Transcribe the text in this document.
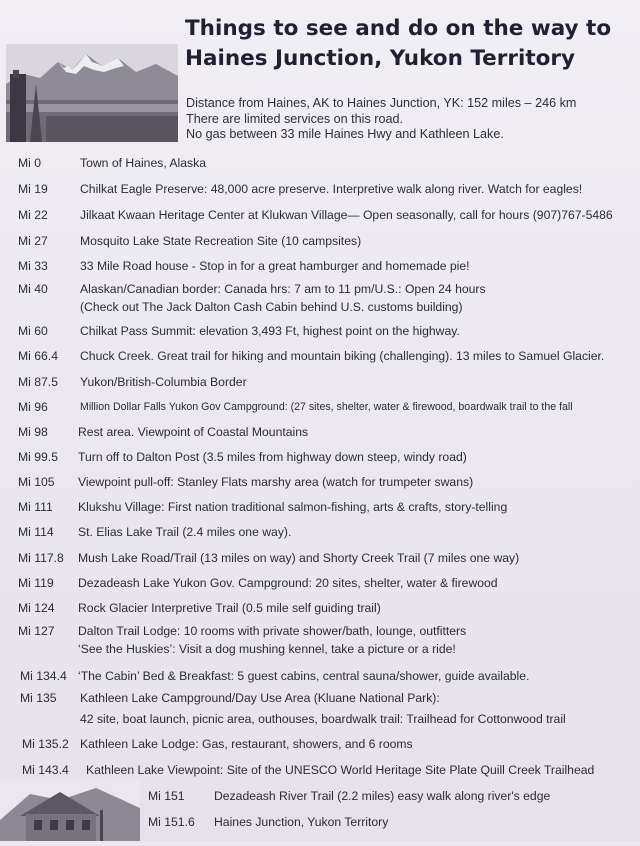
Things to see and do on the way to
Haines Junction, Yukon Territory
Distance from Haines, AK to Haines Junction, YK: 152 miles – 246 km
There are limited services on this road.
No gas between 33 mile Haines Hwy and Kathleen Lake.
Mi 0	Town of Haines, Alaska
Mi 19	Chilkat Eagle Preserve: 48,000 acre preserve. Interpretive walk along river. Watch for eagles!
Mi 22	Jilkaat Kwaan Heritage Center at Klukwan Village— Open seasonally, call for hours (907)767-5486
Mi 27	Mosquito Lake State Recreation Site (10 campsites)
Mi 33	33 Mile Road house - Stop in for a great hamburger and homemade pie!
Mi 40	Alaskan/Canadian border: Canada hrs: 7 am to 11 pm/U.S.: Open 24 hours
(Check out The Jack Dalton Cash Cabin behind U.S. customs building)
Mi 60	Chilkat Pass Summit: elevation 3,493 Ft, highest point on the highway.
Mi 66.4 Chuck Creek. Great trail for hiking and mountain biking (challenging). 13 miles to Samuel Glacier.
Mi 87.5 Yukon/British-Columbia Border
Mi 96	Million Dollar Falls Yukon Gov Campground: (27 sites, shelter, water & firewood, boardwalk trail to the fall
Mi 98 Rest area. Viewpoint of Coastal Mountains
Mi 99.5 Turn off to Dalton Post (3.5 miles from highway down steep, windy road)
Mi 105 Viewpoint pull-off: Stanley Flats marshy area (watch for trumpeter swans)
Mi 111 Klukshu Village: First nation traditional salmon-fishing, arts & crafts, story-telling
Mi 114 St. Elias Lake Trail (2.4 miles one way).
Mi 117.8 Mush Lake Road/Trail (13 miles on way) and Shorty Creek Trail (7 miles one way)
Mi 119 Dezadeash Lake Yukon Gov. Campground: 20 sites, shelter, water & firewood
Mi 124 Rock Glacier Interpretive Trail (0.5 mile self guiding trail)
Mi 127 Dalton Trail Lodge: 10 rooms with private shower/bath, lounge, outfitters
‘See the Huskies’: Visit a dog mushing kennel, take a picture or a ride!
Mi 134.4 ‘The Cabin’ Bed & Breakfast: 5 guest cabins, central sauna/shower, guide available.
Mi 135 Kathleen Lake Campground/Day Use Area (Kluane National Park):
42 site, boat launch, picnic area, outhouses, boardwalk trail: Trailhead for Cottonwood trail
Mi 135.2 Kathleen Lake Lodge: Gas, restaurant, showers, and 6 rooms
Mi 143.4 Kathleen Lake Viewpoint: Site of the UNESCO World Heritage Site Plate Quill Creek Trailhead
Mi 151 Dezadeash River Trail (2.2 miles) easy walk along river's edge
Mi 151.6 Haines Junction, Yukon Territory
